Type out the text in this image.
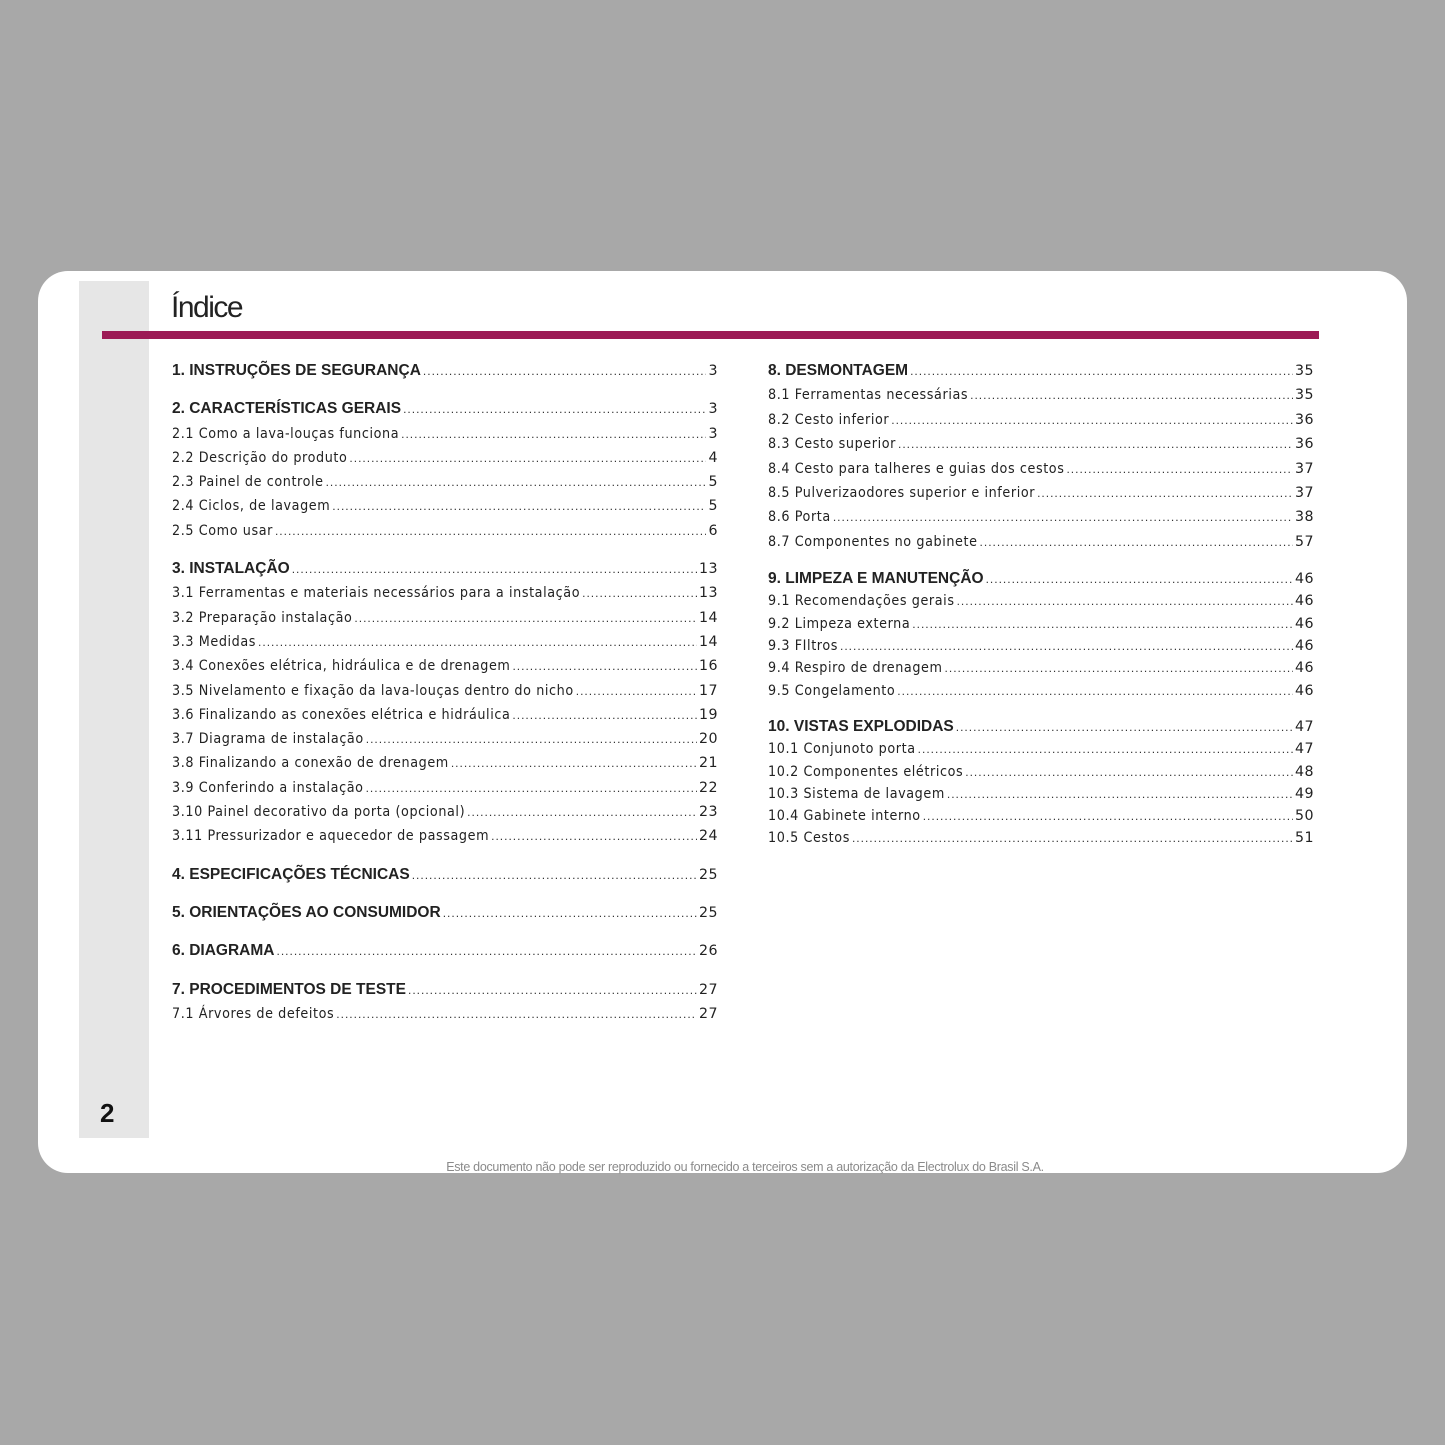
2
Índice
1. INSTRUÇÕES DE SEGURANÇA .....	3
2. CARACTERÍSTICAS GERAIS .....	3
2.1 Como a lava-louças funciona .....	3
2.2 Descrição do produto .....	4
2.3 Painel de controle .....	5
2.4 Ciclos, de lavagem .....	5
2.5 Como usar .....	6
3. INSTALAÇÃO .....	13
3.1 Ferramentas e materiais necessários para a instalação .....	13
3.2 Preparação instalação .....	14
3.3 Medidas .....	14
3.4 Conexões elétrica, hidráulica e de drenagem .....	16
3.5 Nivelamento e fixação da lava-louças dentro do nicho .....	17
3.6 Finalizando as conexões elétrica e hidráulica .....	19
3.7 Diagrama de instalação .....	20
3.8 Finalizando a conexão de drenagem .....	21
3.9 Conferindo a instalação .....	22
3.10 Painel decorativo da porta (opcional) .....	23
3.11 Pressurizador e aquecedor de passagem .....	24
4. ESPECIFICAÇÕES TÉCNICAS .....	25
5. ORIENTAÇÕES AO CONSUMIDOR .....	25
6. DIAGRAMA .....	26
7. PROCEDIMENTOS DE TESTE .....	27
7.1 Árvores de defeitos .....	27
8. DESMONTAGEM .....	35
8.1 Ferramentas necessárias .....	35
8.2 Cesto inferior .....	36
8.3 Cesto superior .....	36
8.4 Cesto para talheres e guias dos cestos .....	37
8.5 Pulverizaodores superior e inferior .....	37
8.6 Porta .....	38
8.7 Componentes no gabinete .....	57
9. LIMPEZA E MANUTENÇÃO .....	46
9.1 Recomendações gerais .....	46
9.2 Limpeza externa .....	46
9.3 FIltros .....	46
9.4 Respiro de drenagem .....	46
9.5 Congelamento .....	46
10. VISTAS EXPLODIDAS .....	47
10.1 Conjunoto porta .....	47
10.2 Componentes elétricos .....	48
10.3 Sistema de lavagem .....	49
10.4 Gabinete interno .....	50
10.5 Cestos .....	51
Este documento não pode ser reproduzido ou fornecido a terceiros sem a autorização da Electrolux do Brasil S.A.
